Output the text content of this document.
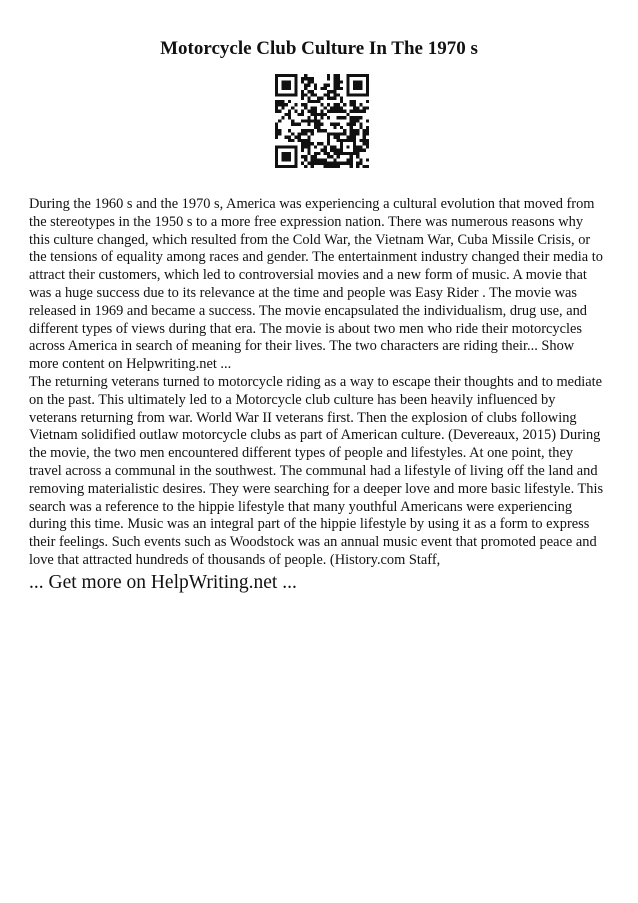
Motorcycle Club Culture In The 1970 s

During the 1960 s and the 1970 s, America was experiencing a cultural evolution that moved from the stereotypes in the 1950 s to a more free expression nation. There was numerous reasons why this culture changed, which resulted from the Cold War, the Vietnam War, Cuba Missile Crisis, or the tensions of equality among races and gender. The entertainment industry changed their media to attract their customers, which led to controversial movies and a new form of music. A movie that was a huge success due to its relevance at the time and people was Easy Rider . The movie was released in 1969 and became a success. The movie encapsulated the individualism, drug use, and different types of views during that era. The movie is about two men who ride their motorcycles across America in search of meaning for their lives. The two characters are riding their... Show more content on Helpwriting.net ...

The returning veterans turned to motorcycle riding as a way to escape their thoughts and to mediate on the past. This ultimately led to a Motorcycle club culture has been heavily influenced by veterans returning from war. World War II veterans first. Then the explosion of clubs following Vietnam solidified outlaw motorcycle clubs as part of American culture. (Devereaux, 2015) During the movie, the two men encountered different types of people and lifestyles. At one point, they travel across a communal in the southwest. The communal had a lifestyle of living off the land and removing materialistic desires. They were searching for a deeper love and more basic lifestyle. This search was a reference to the hippie lifestyle that many youthful Americans were experiencing during this time. Music was an integral part of the hippie lifestyle by using it as a form to express their feelings. Such events such as Woodstock was an annual music event that promoted peace and love that attracted hundreds of thousands of people. (History.com Staff,

... Get more on HelpWriting.net ...
